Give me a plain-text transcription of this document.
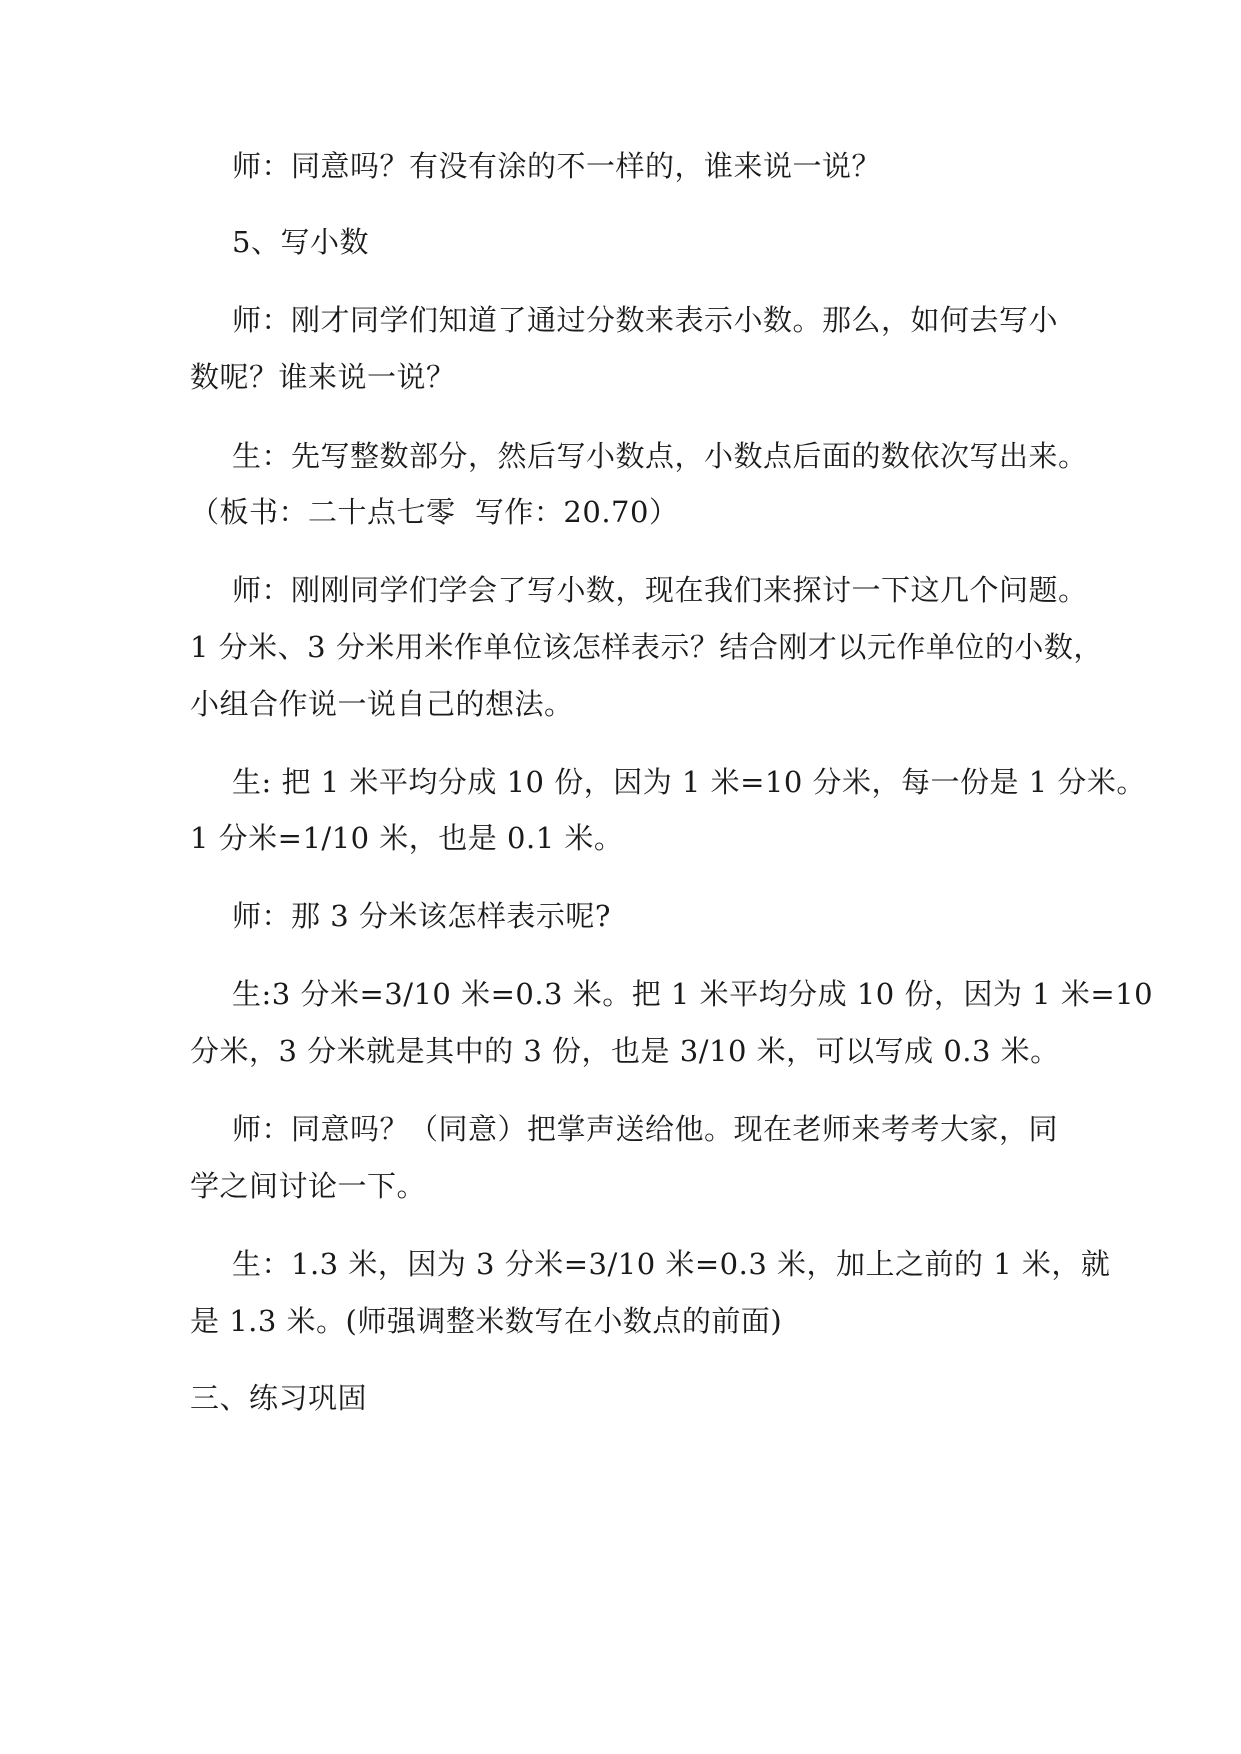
师：同意吗？有没有涂的不一样的，谁来说一说？
5、写小数
师：刚才同学们知道了通过分数来表示小数。那么，如何去写小
数呢？谁来说一说？
生：先写整数部分，然后写小数点，小数点后面的数依次写出来。
（板书：二十点七零  写作：20.70）
师：刚刚同学们学会了写小数，现在我们来探讨一下这几个问题。
1 分米、3 分米用米作单位该怎样表示？结合刚才以元作单位的小数，
小组合作说一说自己的想法。
生: 把 1 米平均分成 10 份，因为 1 米=10 分米，每一份是 1 分米。
1 分米=1/10 米，也是 0.1 米。
师：那 3 分米该怎样表示呢?
生:3 分米=3/10 米=0.3 米。把 1 米平均分成 10 份，因为 1 米=10
分米，3 分米就是其中的 3 份，也是 3/10 米，可以写成 0.3 米。
师：同意吗？（同意）把掌声送给他。现在老师来考考大家，同
学之间讨论一下。
生：1.3 米，因为 3 分米=3/10 米=0.3 米，加上之前的 1 米，就
是 1.3 米。(师强调整米数写在小数点的前面)
三、练习巩固
